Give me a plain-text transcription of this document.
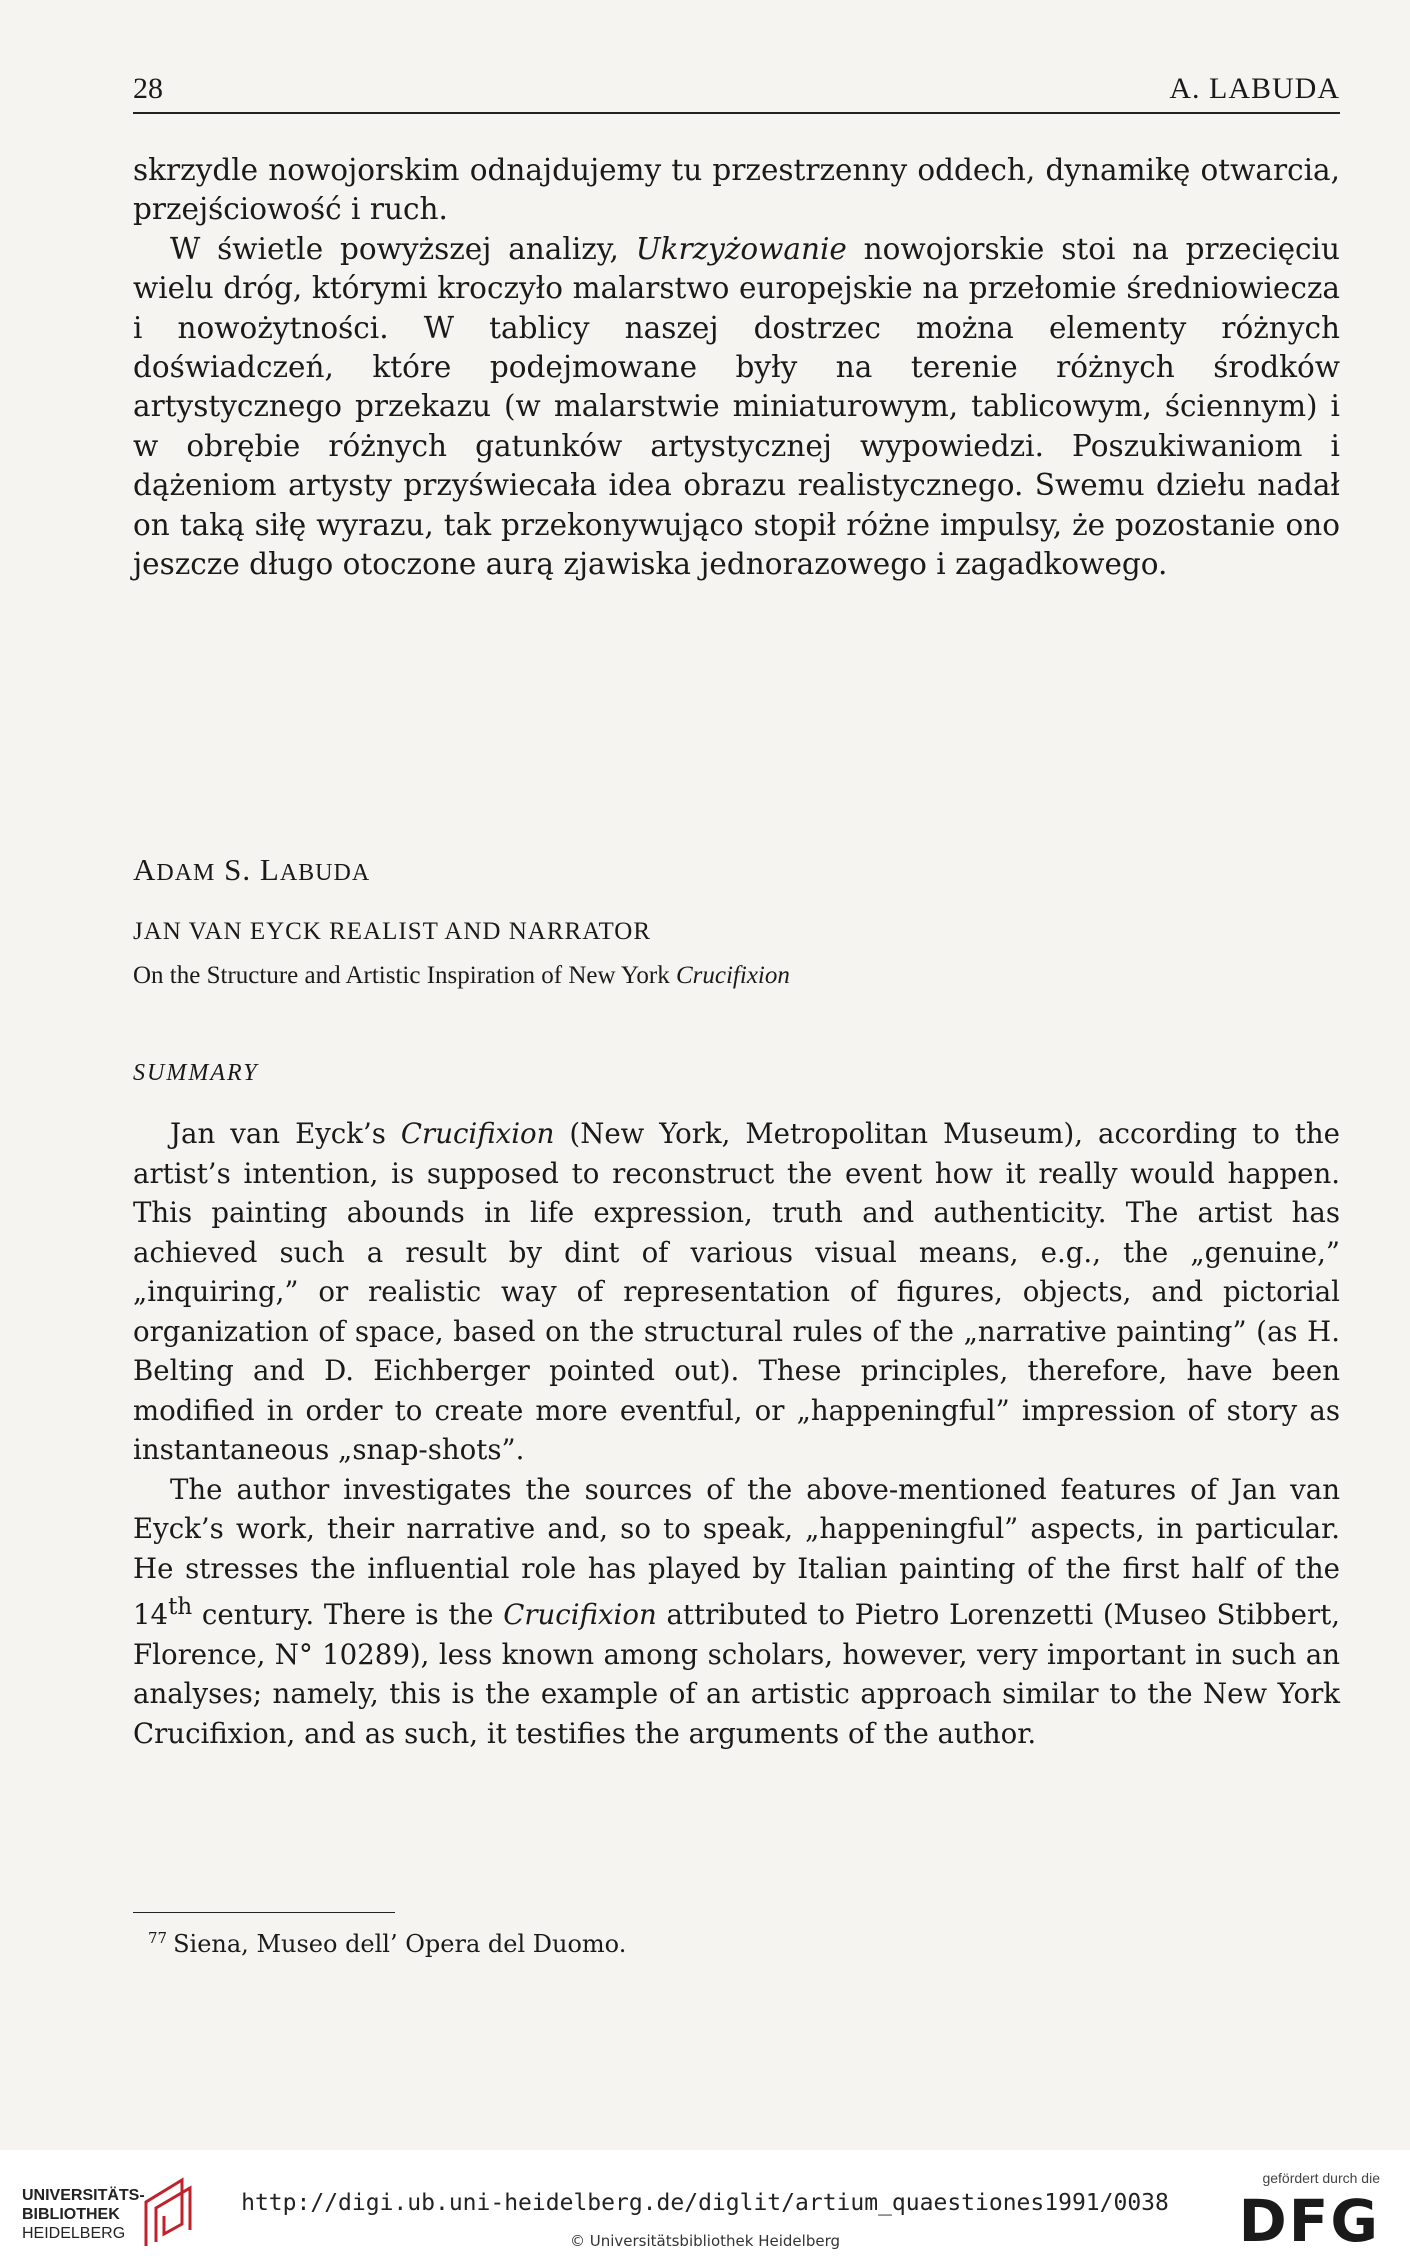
28	A. LABUDA

skrzydle nowojorskim odnajdujemy tu przestrzenny oddech, dynamikę otwarcia, przejściowość i ruch.

W świetle powyższej analizy, Ukrzyżowanie nowojorskie stoi na przecięciu wielu dróg, którymi kroczyło malarstwo europejskie na przełomie średniowiecza i nowożytności. W tablicy naszej dostrzec można elementy różnych doświadczeń, które podejmowane były na terenie różnych środków artystycznego przekazu (w malarstwie miniaturowym, tablicowym, ściennym) i w obrębie różnych gatunków artystycznej wypowiedzi. Poszukiwaniom i dążeniom artysty przyświecała idea obrazu realistycznego. Swemu dziełu nadał on taką siłę wyrazu, tak przekonywująco stopił różne impulsy, że pozostanie ono jeszcze długo otoczone aurą zjawiska jednorazowego i zagadkowego.

ADAM S. LABUDA
JAN VAN EYCK REALIST AND NARRATOR
On the Structure and Artistic Inspiration of New York Crucifixion
SUMMARY

Jan van Eyck’s Crucifixion (New York, Metropolitan Museum), according to the artist’s intention, is supposed to reconstruct the event how it really would happen. This painting abounds in life expression, truth and authenticity. The artist has achieved such a result by dint of various visual means, e.g., the „genuine,” „inquiring,” or realistic way of representation of figures, objects, and pictorial organization of space, based on the structural rules of the „narrative painting” (as H. Belting and D. Eichberger pointed out). These principles, therefore, have been modified in order to create more eventful, or „happeningful” impression of story as instantaneous „snap-shots”.

The author investigates the sources of the above-mentioned features of Jan van Eyck’s work, their narrative and, so to speak, „happeningful” aspects, in particular. He stresses the influential role has played by Italian painting of the first half of the 14th century. There is the Crucifixion attributed to Pietro Lorenzetti (Museo Stibbert, Florence, N° 10289), less known among scholars, however, very important in such an analyses; namely, this is the example of an artistic approach similar to the New York Crucifixion, and as such, it testifies the arguments of the author.

$^{77}$ Siena, Museo dell’ Opera del Duomo.
UNIVERSITÄTS-
BIBLIOTHEK
HEIDELBERG
http://digi.ub.uni-heidelberg.de/diglit/artium_quaestiones1991/0038
© Universitätsbibliothek Heidelberg
gefördert durch die
DFG
